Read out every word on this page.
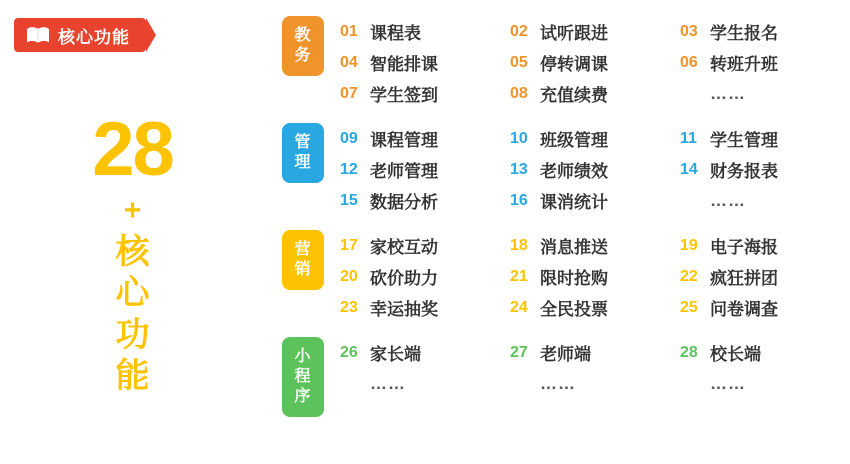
核心功能
28
+
核
心
功
能
教
务
01 课程表	02 试听跟进	03 学生报名
04 智能排课	05 停转调课	06 转班升班
07 学生签到	08 充值续费	……
管
理
09 课程管理	10 班级管理	11 学生管理
12 老师管理	13 老师绩效	14 财务报表
15 数据分析	16 课消统计	……
营
销
17 家校互动	18 消息推送	19 电子海报
20 砍价助力	21 限时抢购	22 疯狂拼团
23 幸运抽奖	24 全民投票	25 问卷调查
小
程
序
26 家长端	27 老师端	28 校长端
……	……	……
